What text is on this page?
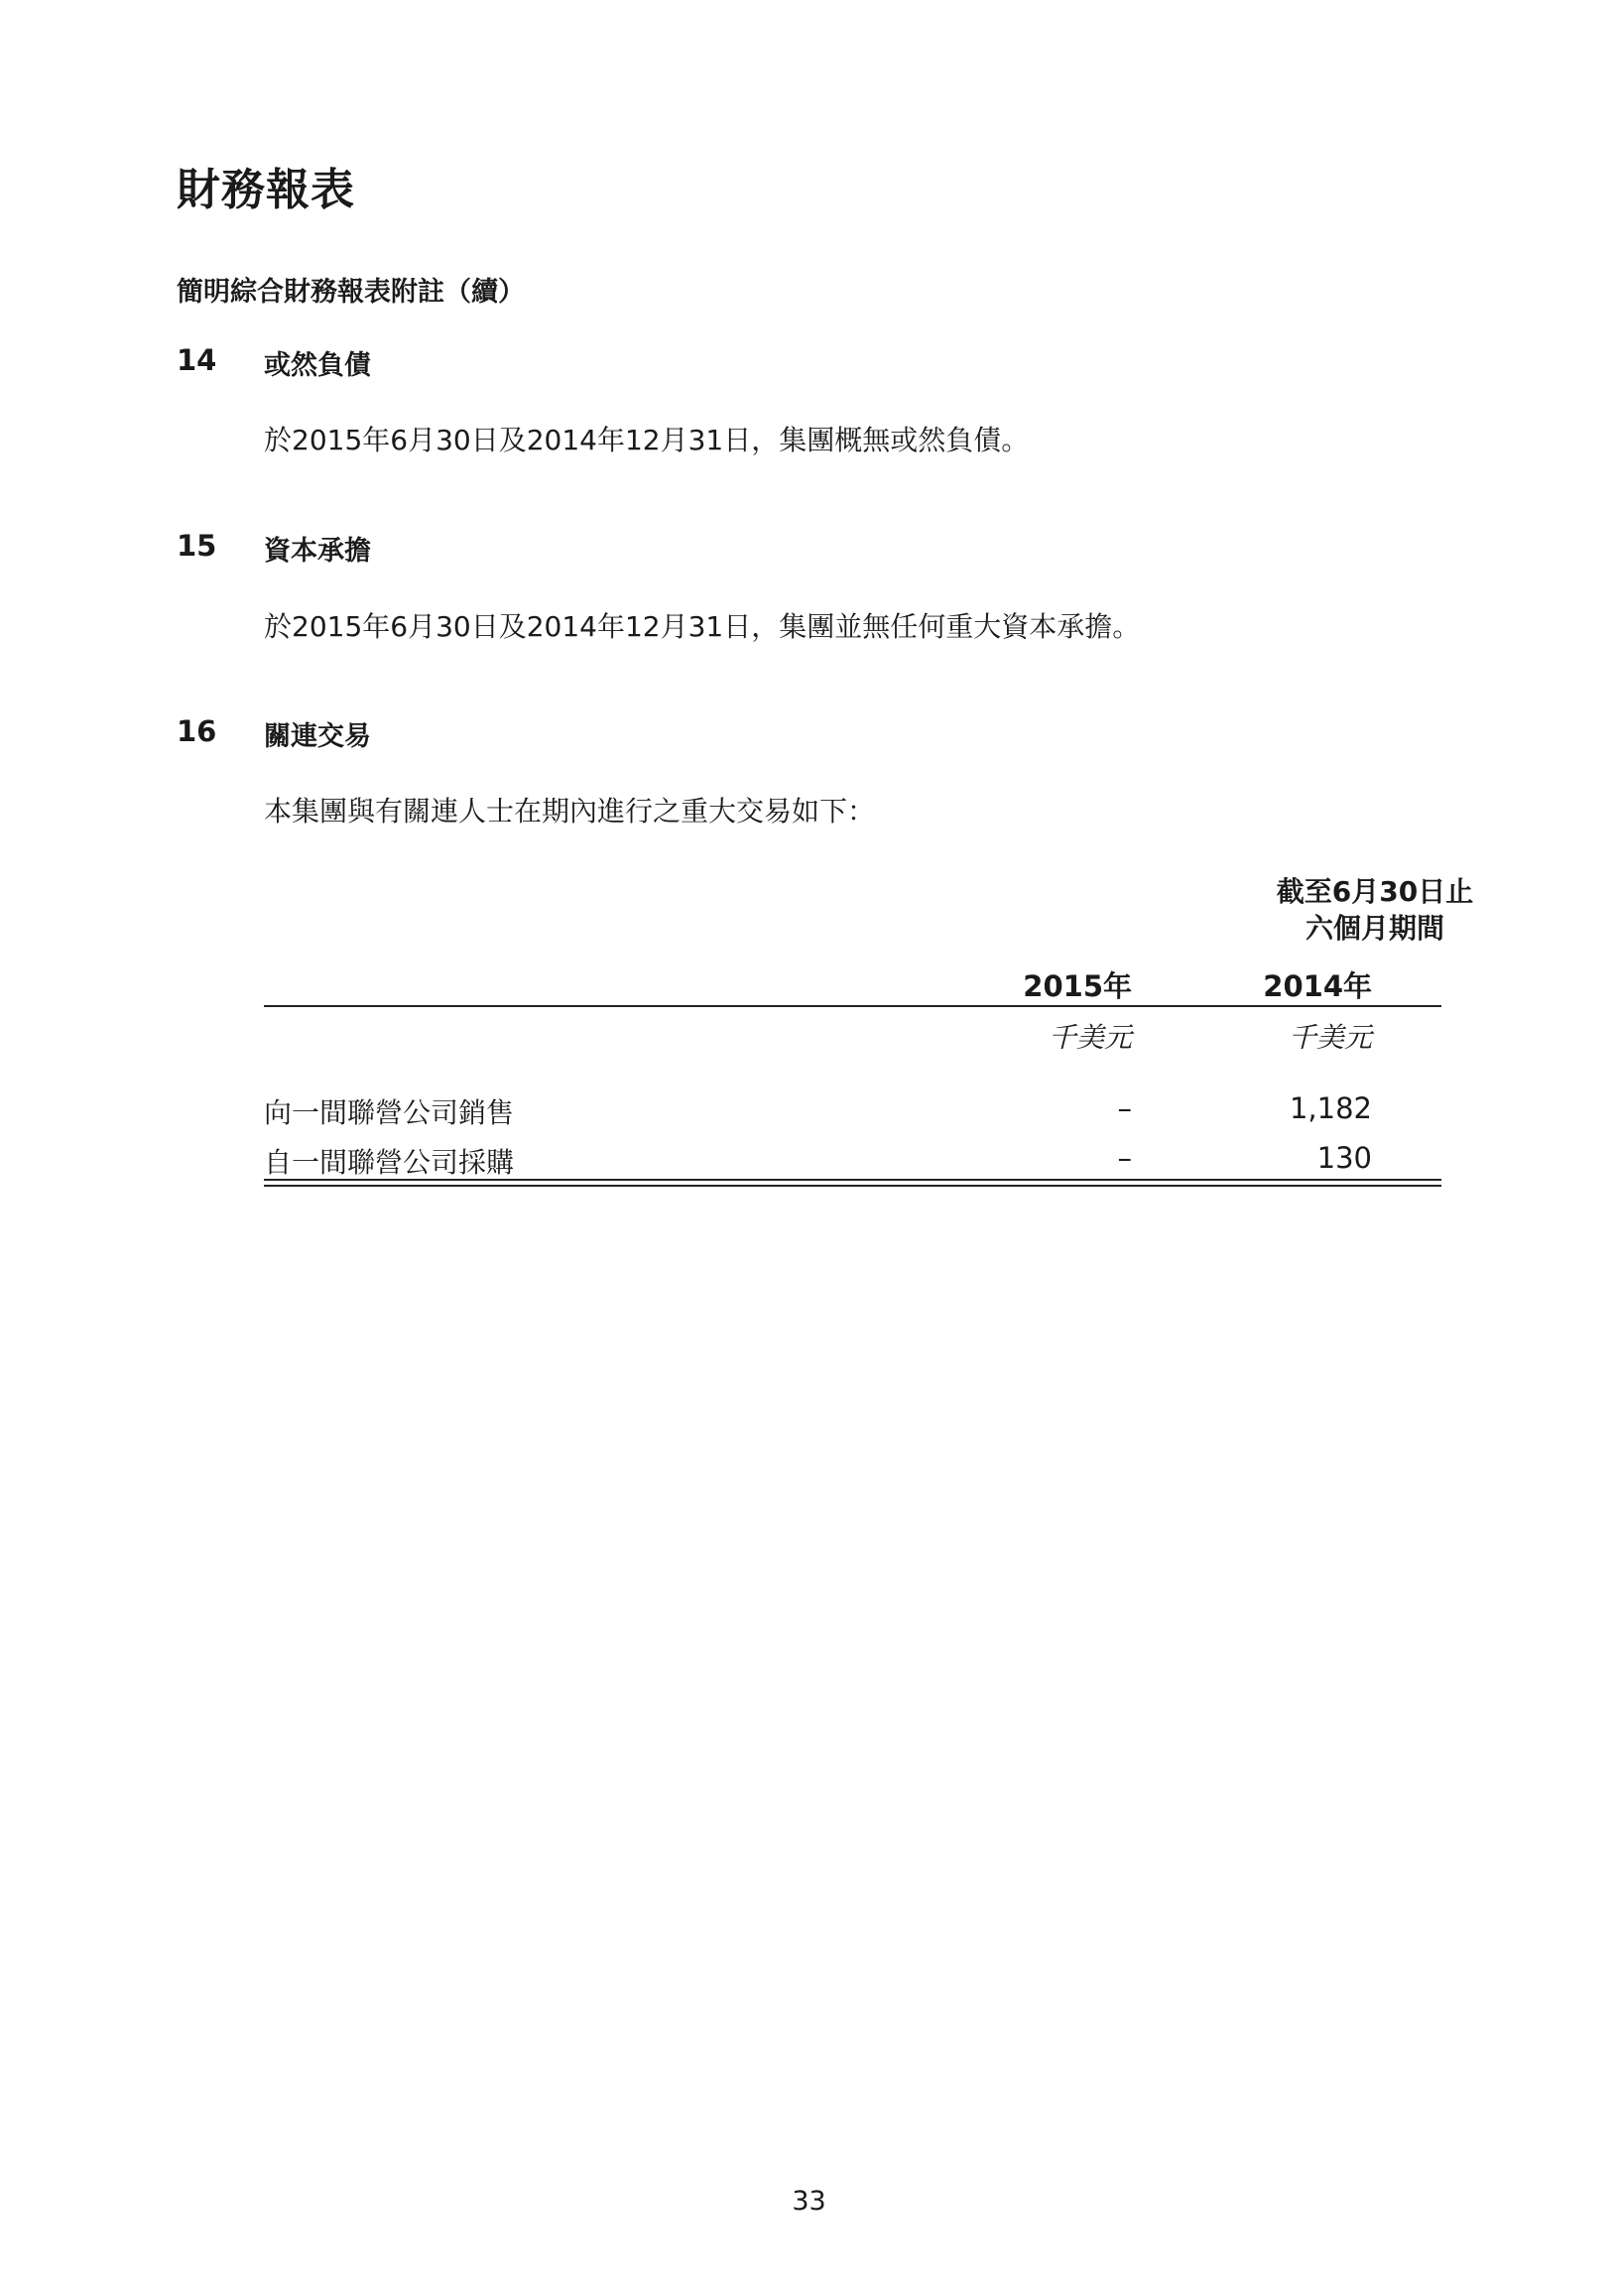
財務報表
簡明綜合財務報表附註（續）
14 或然負債
於2015年6月30日及2014年12月31日，集團概無或然負債。
15 資本承擔
於2015年6月30日及2014年12月31日，集團並無任何重大資本承擔。
16 關連交易
本集團與有關連人士在期內進行之重大交易如下：
截至6月30日止
六個月期間
2015年	2014年
千美元	千美元
向一間聯營公司銷售	–	1,182
自一間聯營公司採購	–	130
33
